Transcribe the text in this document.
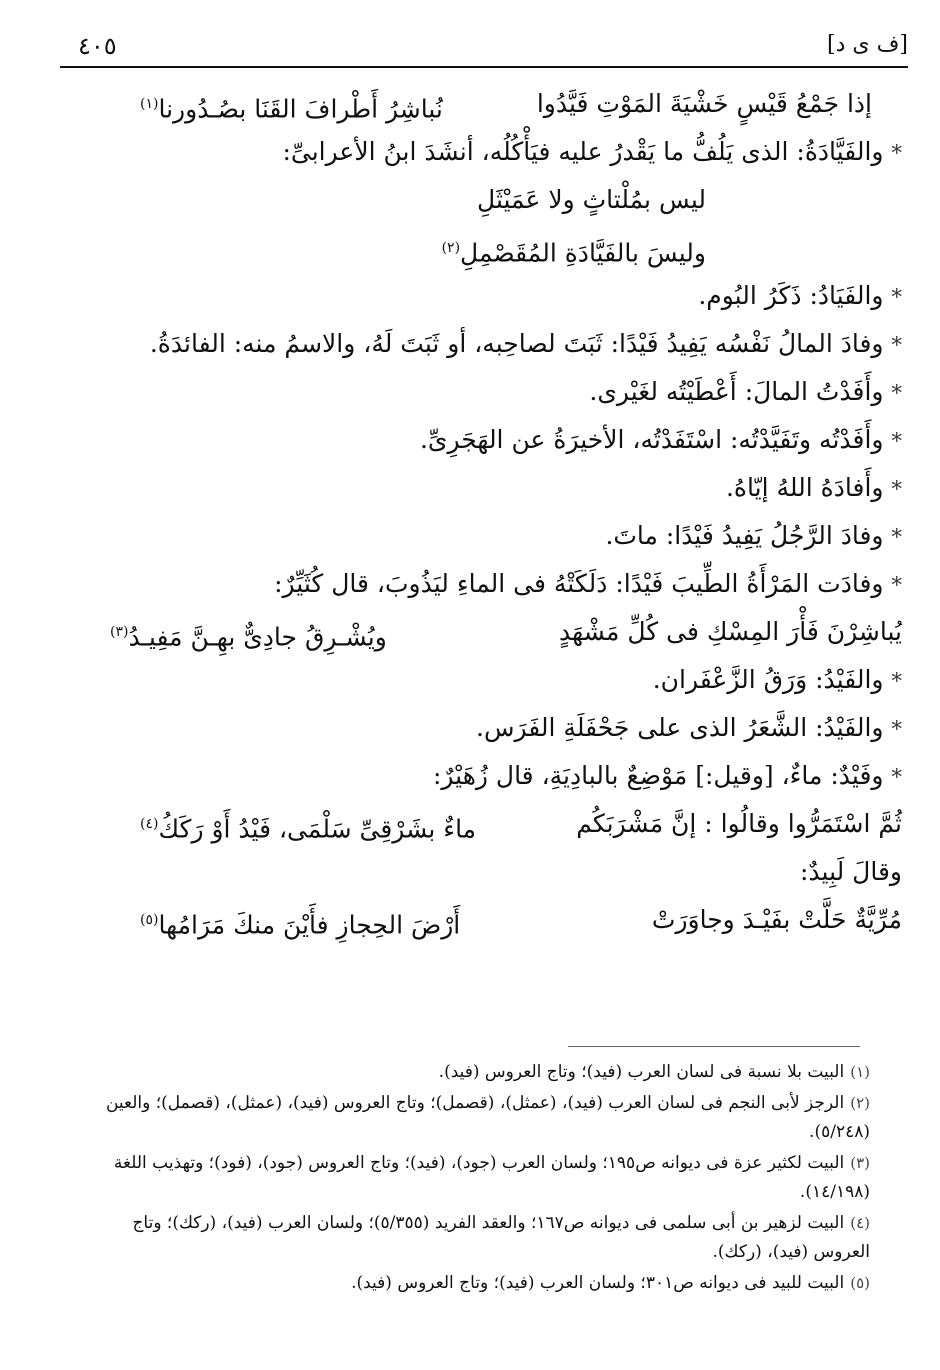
٤٠٥	[ف ى د]
إذا جَمْعُ قَيْسٍ خَشْيَةَ المَوْتِ فَيَّدُوا
نُباشِرُ أَطْرافَ القَنَا بصُـدُورنا$^{(١)}$
*والفَيَّادَةُ: الذى يَلُفُّ ما يَقْدرُ عليه فيَأْكُلُه، أنشَدَ ابنُ الأعرابىِّ:
ليس بمُلْتاثٍ ولا عَمَيْثَلِ
وليسَ بالفَيَّادَةِ المُقَصْمِلِ$^{(٢)}$
*والفَيَادُ: ذَكَرُ البُوم.
*وفادَ المالُ نَفْسُه يَفِيدُ فَيْدًا: ثَبَتَ لصاحِبه، أو ثَبَتَ لَهُ، والاسمُ منه: الفائدَةُ.
*وأَفَدْتُ المالَ: أَعْطَيْتُه لغَيْرى.
*وأَفَدْتُه وتَفَيَّدْتُه: اسْتَفَدْتُه، الأخيرَةُ عن الهَجَرِىِّ.
*وأَفادَهُ اللهُ إيّاهُ.
*وفادَ الرَّجُلُ يَفِيدُ فَيْدًا: ماتَ.
*وفادَت المَرْأَةُ الطِّيبَ فَيْدًا: دَلَكَتْهُ فى الماءِ ليَذُوبَ، قال كُثَيِّرٌ:
يُباشِرْنَ فَأْرَ المِسْكِ فى كُلِّ مَشْهَدٍ
ويُشْـرِقُ جادِىٌّ بهِـنَّ مَفِيـدُ$^{(٣)}$
*والفَيْدُ: وَرَقُ الزَّعْفَران.
*والفَيْدُ: الشَّعَرُ الذى على جَحْفَلَةِ الفَرَس.
*وفَيْدٌ: ماءٌ، [وقيل:] مَوْضِعٌ بالبادِيَةِ، قال زُهَيْرٌ:
ثُمَّ اسْتَمَرُّوا وقالُوا : إنَّ مَشْرَبَكُم
ماءٌ بشَرْقِىِّ سَلْمَى، فَيْدُ أَوْ رَكَكُ$^{(٤)}$
وقالَ لَبِيدٌ:
مُرِّيَّةٌ حَلَّتْ بفَيْـدَ وجاوَرَتْ
أَرْضَ الحِجازِ فأَيْنَ منكَ مَرَامُها$^{(٥)}$
(١)البيت بلا نسبة فى لسان العرب (فيد)؛ وتاج العروس (فيد).
(٢)الرجز لأبى النجم فى لسان العرب (فيد)، (عمثل)، (قصمل)؛ وتاج العروس (فيد)، (عمثل)، (قصمل)؛ والعين (٥/٢٤٨).
(٣)البيت لكثير عزة فى ديوانه ص١٩٥؛ ولسان العرب (جود)، (فيد)؛ وتاج العروس (جود)، (فود)؛ وتهذيب اللغة (١٤/١٩٨).
(٤)البيت لزهير بن أبى سلمى فى ديوانه ص١٦٧؛ والعقد الفريد (٥/٣٥٥)؛ ولسان العرب (فيد)، (ركك)؛ وتاج العروس (فيد)، (ركك).
(٥)البيت للبيد فى ديوانه ص٣٠١؛ ولسان العرب (فيد)؛ وتاج العروس (فيد).
